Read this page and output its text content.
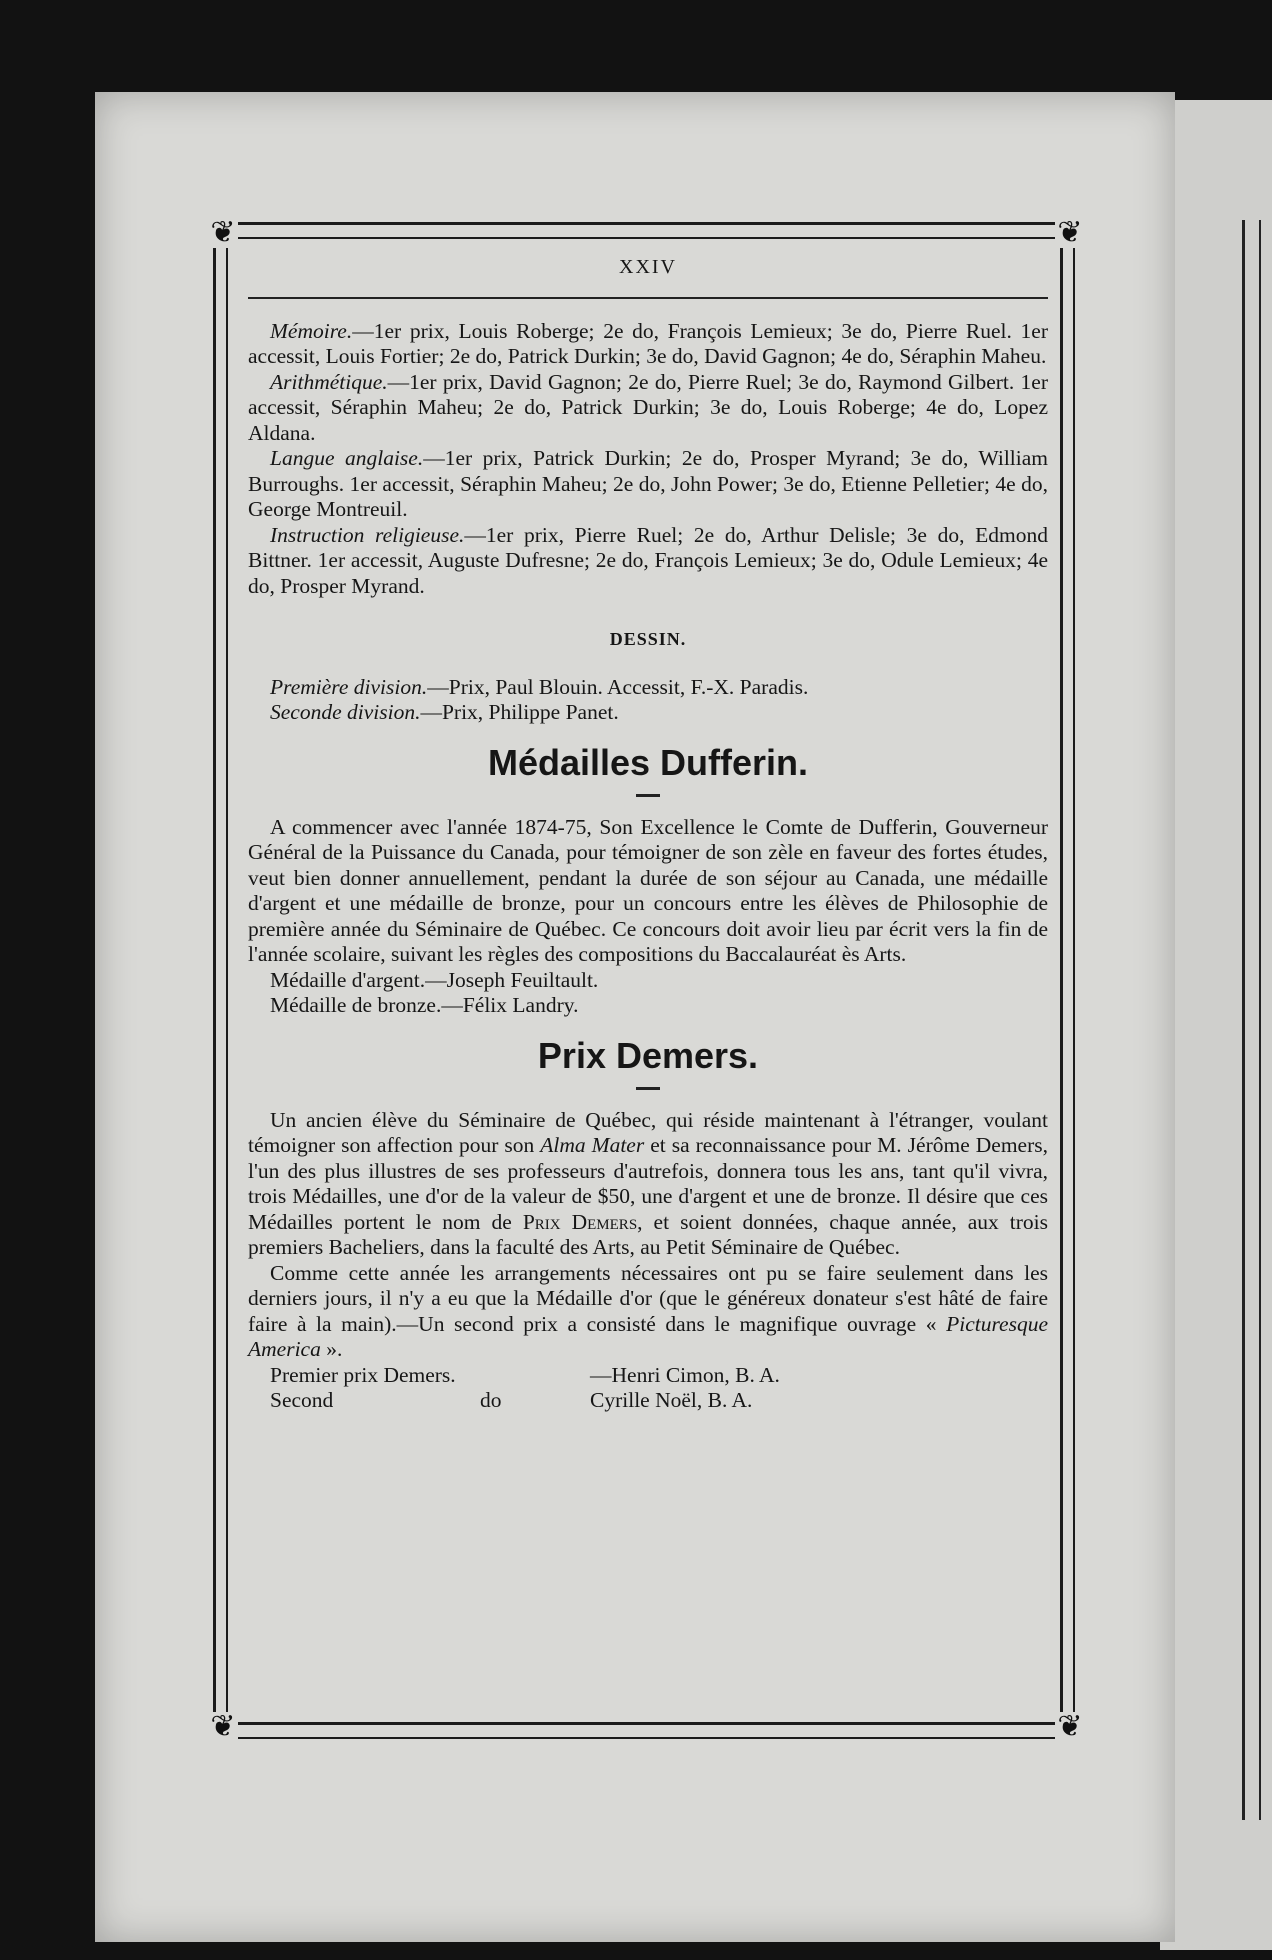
❦	❦
❦	❦
XXIV

Mémoire.—1er prix, Louis Roberge; 2e do, François Lemieux; 3e do, Pierre Ruel. 1er accessit, Louis Fortier; 2e do, Patrick Durkin; 3e do, David Gagnon; 4e do, Séraphin Maheu.

Arithmétique.—1er prix, David Gagnon; 2e do, Pierre Ruel; 3e do, Raymond Gilbert. 1er accessit, Séraphin Maheu; 2e do, Patrick Durkin; 3e do, Louis Roberge; 4e do, Lopez Aldana.

Langue anglaise.—1er prix, Patrick Durkin; 2e do, Prosper Myrand; 3e do, William Burroughs. 1er accessit, Séraphin Maheu; 2e do, John Power; 3e do, Etienne Pelletier; 4e do, George Montreuil.

Instruction religieuse.—1er prix, Pierre Ruel; 2e do, Arthur Delisle; 3e do, Edmond Bittner. 1er accessit, Auguste Dufresne; 2e do, François Lemieux; 3e do, Odule Lemieux; 4e do, Prosper Myrand.

DESSIN.

Première division.—Prix, Paul Blouin. Accessit, F.-X. Paradis.

Seconde division.—Prix, Philippe Panet.

Médailles Dufferin.

A commencer avec l'année 1874-75, Son Excellence le Comte de Dufferin, Gouverneur Général de la Puissance du Canada, pour témoigner de son zèle en faveur des fortes études, veut bien donner annuellement, pendant la durée de son séjour au Canada, une médaille d'argent et une médaille de bronze, pour un concours entre les élèves de Philosophie de première année du Séminaire de Québec. Ce concours doit avoir lieu par écrit vers la fin de l'année scolaire, suivant les règles des compositions du Baccalauréat ès Arts.

Médaille d'argent.—Joseph Feuiltault.

Médaille de bronze.—Félix Landry.

Prix Demers.

Un ancien élève du Séminaire de Québec, qui réside maintenant à l'étranger, voulant témoigner son affection pour son Alma Mater et sa reconnaissance pour M. Jérôme Demers, l'un des plus illustres de ses professeurs d'autrefois, donnera tous les ans, tant qu'il vivra, trois Médailles, une d'or de la valeur de $50, une d'argent et une de bronze. Il désire que ces Médailles portent le nom de Prix Demers, et soient données, chaque année, aux trois premiers Bacheliers, dans la faculté des Arts, au Petit Séminaire de Québec.

Comme cette année les arrangements nécessaires ont pu se faire seulement dans les derniers jours, il n'y a eu que la Médaille d'or (que le généreux donateur s'est hâté de faire faire à la main).—Un second prix a consisté dans le magnifique ouvrage « Picturesque America ».

Premier prix Demers.	—Henri Cimon, B. A.
Second	do	Cyrille Noël, B. A.
